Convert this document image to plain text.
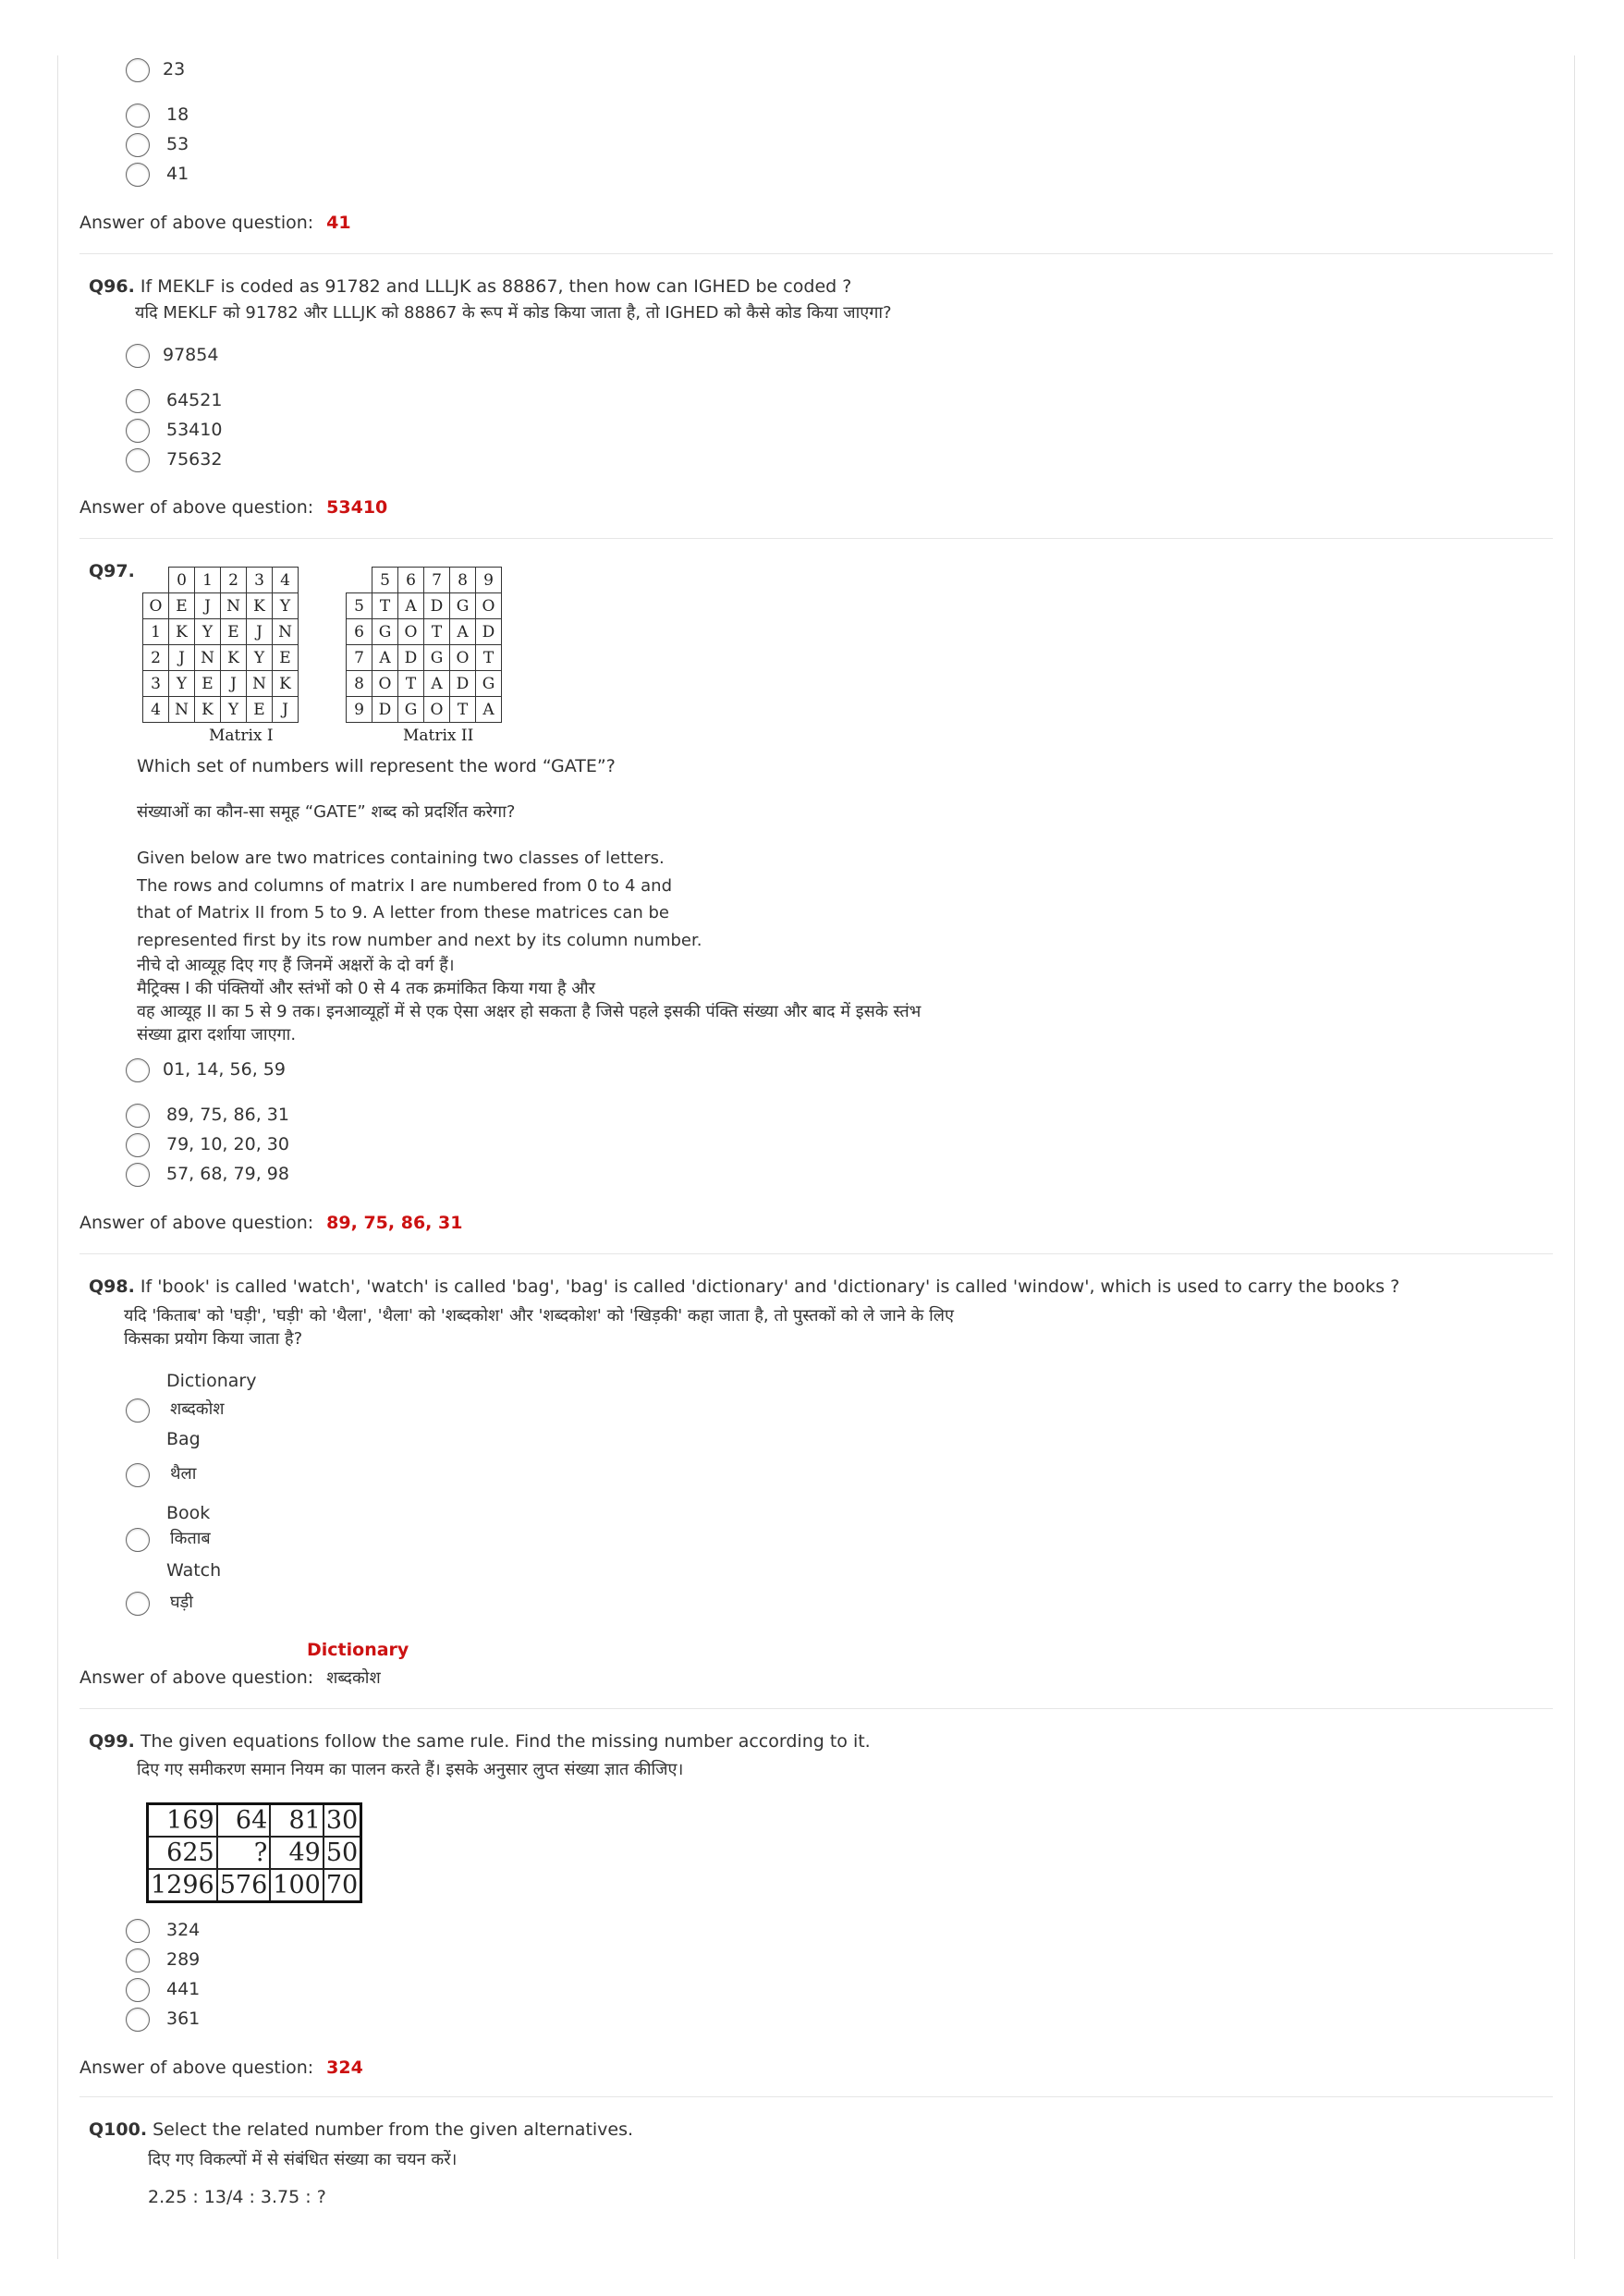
23
18
53
41
Answer of above question: 41
Q96. If MEKLF is coded as 91782 and LLLJK as 88867, then how can IGHED be coded ?
यदि MEKLF को 91782 और LLLJK को 88867 के रूप में कोड किया जाता है, तो IGHED को कैसे कोड किया जाएगा?
97854
64521
53410
75632
Answer of above question: 53410
Q97.
		0	1	2	3	4
O	E	J	N	K	Y
1	K	Y	E	J	N
2	J	N	K	Y	E
3	Y	E	J	N	K
4	N	K	Y	E	J
Matrix I
	5	6	7	8	9
5	T	A	D	G	O
6	G	O	T	A	D
7	A	D	G	O	T
8	O	T	A	D	G
9	D	G	O	T	A
Matrix II
Which set of numbers will represent the word “GATE”?
संख्याओं का कौन-सा समूह “GATE” शब्द को प्रदर्शित करेगा?
Given below are two matrices containing two classes of letters.
The rows and columns of matrix I are numbered from 0 to 4 and
that of Matrix II from 5 to 9. A letter from these matrices can be
represented first by its row number and next by its column number.
नीचे दो आव्यूह दिए गए हैं जिनमें अक्षरों के दो वर्ग हैं।
मैट्रिक्स I की पंक्तियों और स्तंभों को 0 से 4 तक क्रमांकित किया गया है और
वह आव्यूह II का 5 से 9 तक। इनआव्यूहों में से एक ऐसा अक्षर हो सकता है जिसे पहले इसकी पंक्ति संख्या और बाद में इसके स्तंभ
संख्या द्वारा दर्शाया जाएगा.
01, 14, 56, 59
89, 75, 86, 31
79, 10, 20, 30
57, 68, 79, 98
Answer of above question: 89, 75, 86, 31
Q98. If 'book' is called 'watch', 'watch' is called 'bag', 'bag' is called 'dictionary' and 'dictionary' is called 'window', which is used to carry the books ?
यदि 'किताब' को 'घड़ी', 'घड़ी' को 'थैला', 'थैला' को 'शब्दकोश' और 'शब्दकोश' को 'खिड़की' कहा जाता है, तो पुस्तकों को ले जाने के लिए
किसका प्रयोग किया जाता है?
Dictionary
शब्दकोश
Bag
थैला
Book
किताब
Watch
घड़ी
Dictionary
Answer of above question: शब्दकोश
Q99. The given equations follow the same rule. Find the missing number according to it.
दिए गए समीकरण समान नियम का पालन करते हैं। इसके अनुसार लुप्त संख्या ज्ञात कीजिए।
169	64	81	30
625	?	49	50
1296	576	100	70
324
289
441
361
Answer of above question: 324
Q100. Select the related number from the given alternatives.
दिए गए विकल्पों में से संबंधित संख्या का चयन करें।
2.25 : 13/4 : 3.75 : ?
